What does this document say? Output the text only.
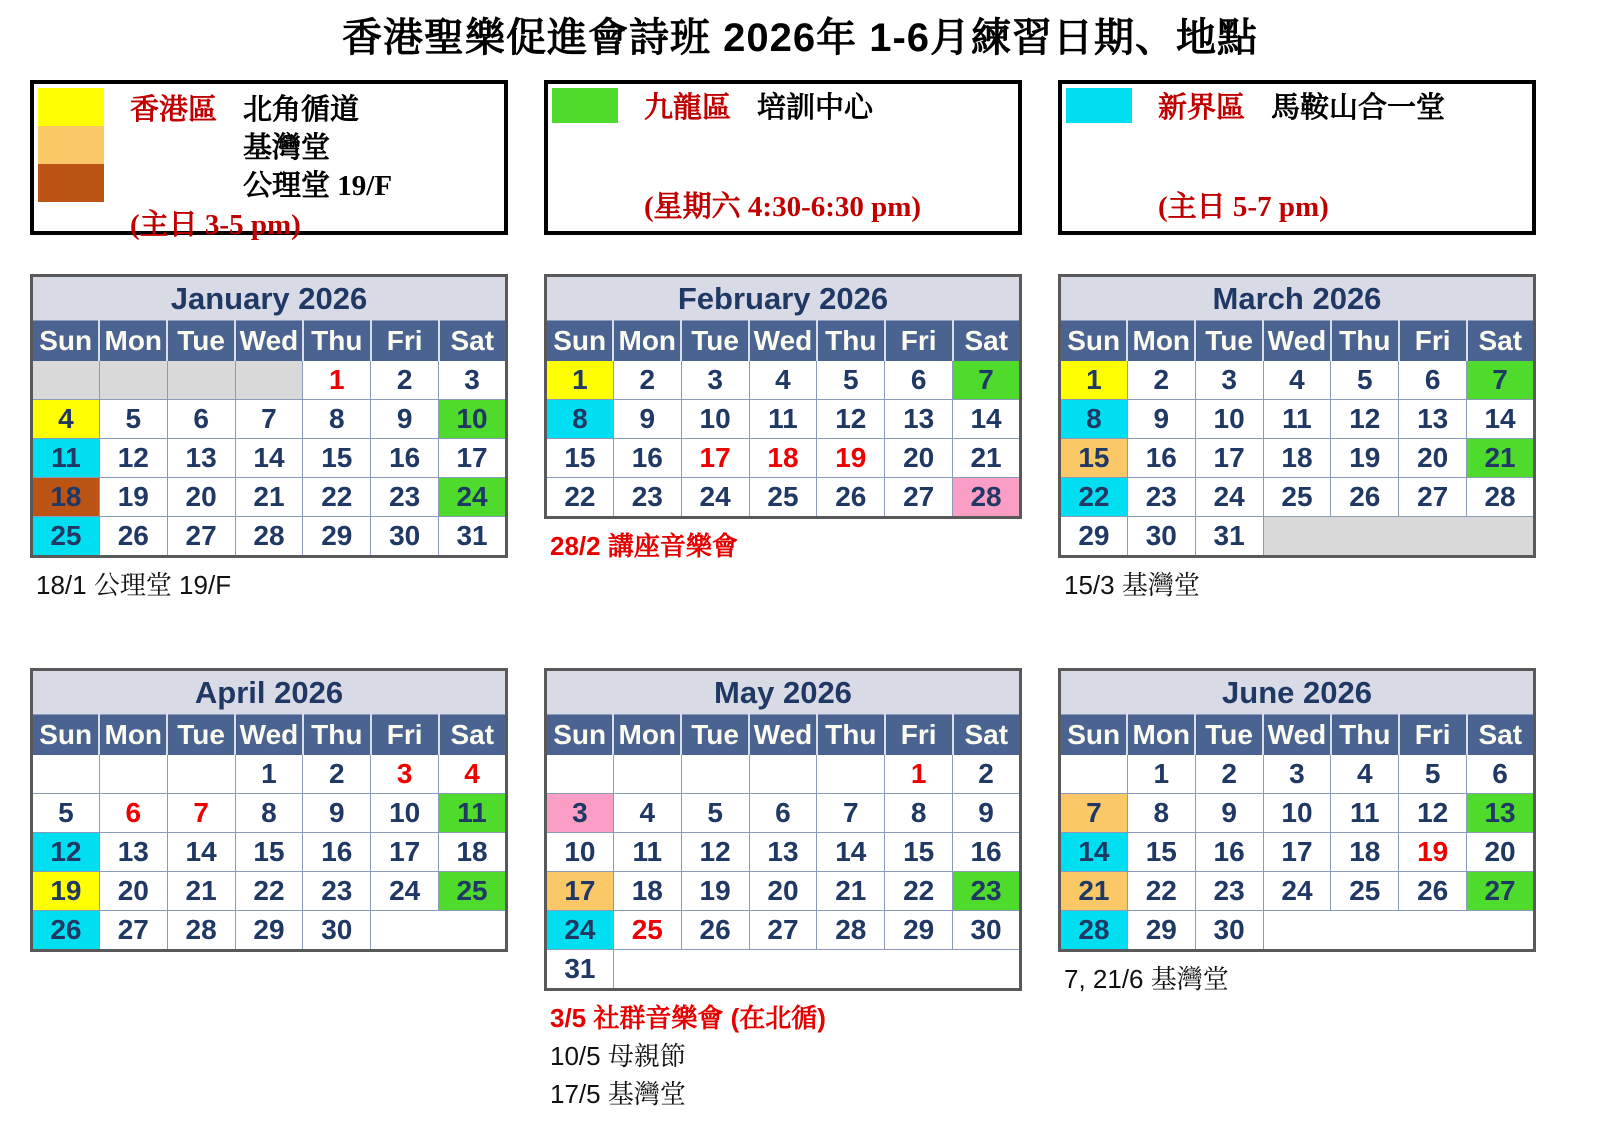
香港聖樂促進會詩班 2026年 1-6月練習日期、地點
香港區 北角循道
基灣堂
公理堂 19/F
(主日 3-5 pm)
九龍區 培訓中心
(星期六 4:30-6:30 pm)
新界區 馬鞍山合一堂
(主日 5-7 pm)
January 2026						
Sun	Mon	Tue	Wed	Thu	Fri	Sat
				1	2	3
4	5	6	7	8	9	10
11	12	13	14	15	16	17
18	19	20	21	22	23	24
25	26	27	28	29	30	31
18/1 公理堂 19/F
February 2026						
Sun	Mon	Tue	Wed	Thu	Fri	Sat
1	2	3	4	5	6	7
8	9	10	11	12	13	14
15	16	17	18	19	20	21
22	23	24	25	26	27	28
28/2 講座音樂會
March 2026						
Sun	Mon	Tue	Wed	Thu	Fri	Sat
1	2	3	4	5	6	7
8	9	10	11	12	13	14
15	16	17	18	19	20	21
22	23	24	25	26	27	28
29	30	31				
15/3 基灣堂
April 2026						
Sun	Mon	Tue	Wed	Thu	Fri	Sat
			1	2	3	4
5	6	7	8	9	10	11
12	13	14	15	16	17	18
19	20	21	22	23	24	25
26	27	28	29	30		
May 2026						
Sun	Mon	Tue	Wed	Thu	Fri	Sat
					1	2
3	4	5	6	7	8	9
10	11	12	13	14	15	16
17	18	19	20	21	22	23
24	25	26	27	28	29	30
31						
3/5 社群音樂會 (在北循)
10/5 母親節
17/5 基灣堂
June 2026						
Sun	Mon	Tue	Wed	Thu	Fri	Sat
	1	2	3	4	5	6
7	8	9	10	11	12	13
14	15	16	17	18	19	20
21	22	23	24	25	26	27
28	29	30				
7, 21/6 基灣堂
